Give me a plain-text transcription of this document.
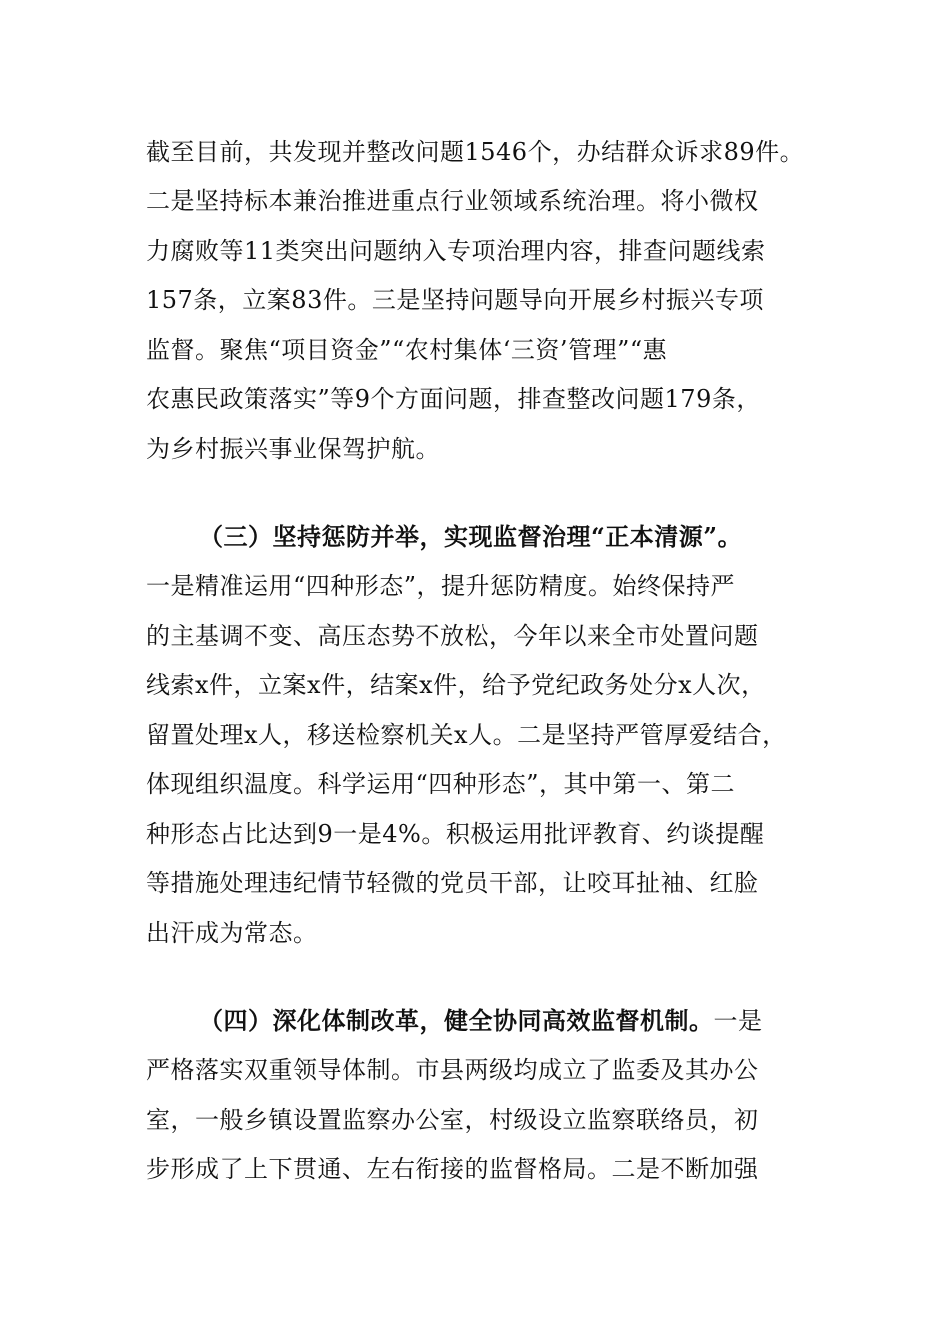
截至目前，共发现并整改问题1546个，办结群众诉求89件。
二是坚持标本兼治推进重点行业领域系统治理。将小微权
力腐败等11类突出问题纳入专项治理内容，排查问题线索
157条，立案83件。三是坚持问题导向开展乡村振兴专项
监督。聚焦“项目资金”“农村集体‘三资’管理”“惠
农惠民政策落实”等9个方面问题，排查整改问题179条，
为乡村振兴事业保驾护航。
（三）坚持惩防并举，实现监督治理“正本清源”。
一是精准运用“四种形态”，提升惩防精度。始终保持严
的主基调不变、高压态势不放松，今年以来全市处置问题
线索x件，立案x件，结案x件，给予党纪政务处分x人次，
留置处理x人，移送检察机关x人。二是坚持严管厚爱结合，
体现组织温度。科学运用“四种形态”，其中第一、第二
种形态占比达到9一是4%。积极运用批评教育、约谈提醒
等措施处理违纪情节轻微的党员干部，让咬耳扯袖、红脸
出汗成为常态。
（四）深化体制改革，健全协同高效监督机制。一是
严格落实双重领导体制。市县两级均成立了监委及其办公
室，一般乡镇设置监察办公室，村级设立监察联络员，初
步形成了上下贯通、左右衔接的监督格局。二是不断加强
